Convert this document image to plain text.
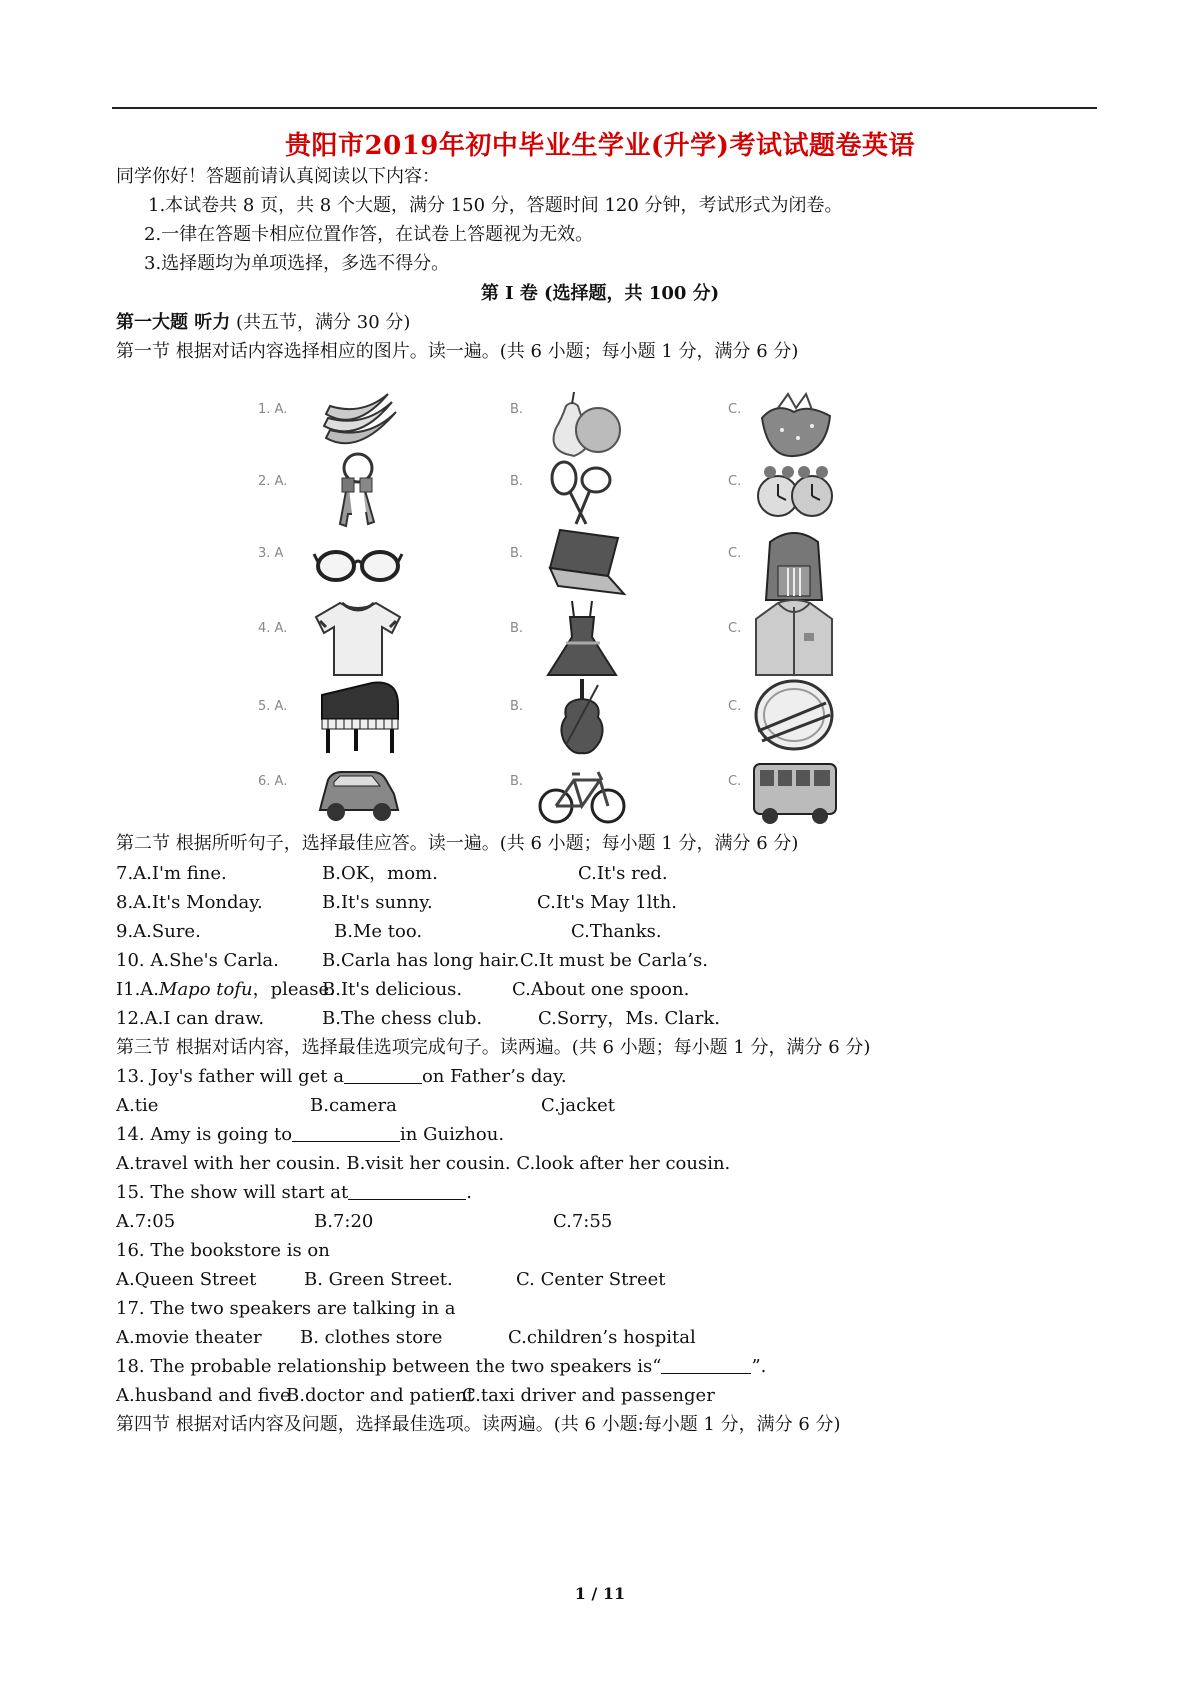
贵阳市2019年初中毕业生学业(升学)考试试题卷英语
同学你好！答题前请认真阅读以下内容：
1.本试卷共 8 页，共 8 个大题，满分 150 分，答题时间 120 分钟，考试形式为闭卷。
2.一律在答题卡相应位置作答，在试卷上答题视为无效。
3.选择题均为单项选择，多选不得分。
第 I 卷 (选择题，共 100 分)
第一大题 听力 (共五节，满分 30 分)
第一节 根据对话内容选择相应的图片。读一遍。(共 6 小题；每小题 1 分，满分 6 分)
1. A.	B.	C.
2. A.	B.	C.
3. A	B.	C.
4. A.	B.	C.
5. A.	B.	C.
6. A.	B.	C.
第二节 根据所听句子，选择最佳应答。读一遍。(共 6 小题；每小题 1 分，满分 6 分)
7.A.I'm fine.	B.OK，mom.	C.It's red.
8.A.It's Monday.	B.It's sunny.	C.It's May 1lth.
9.A.Sure.	B.Me too.	C.Thanks.
10. A.She's Carla. B.Carla has long hair. C.It must be Carla’s.
I1.A.Mapo tofu，please.
B.It's delicious.	C.About one spoon.
12.A.I can draw.	B.The chess club.	C.Sorry，Ms. Clark.
第三节 根据对话内容，选择最佳选项完成句子。读两遍。(共 6 小题；每小题 1 分，满分 6 分)
13. Joy's father will get a	on Father’s day.
A.tie	B.camera	C.jacket
14. Amy is going to	in Guizhou.
A.travel with her cousin. B.visit her cousin. C.look after her cousin.
15. The show will start at	.
A.7:05	B.7:20	C.7:55
16. The bookstore is on
A.Queen Street	B. Green Street.	C. Center Street
17. The two speakers are talking in a
A.movie theater B. clothes store	C.children’s hospital
18. The probable relationship between the two speakers is“	”.
A.husband and five
B.doctor and patient
C.taxi driver and passenger
第四节 根据对话内容及问题，选择最佳选项。读两遍。(共 6 小题:每小题 1 分，满分 6 分)
1 / 11
